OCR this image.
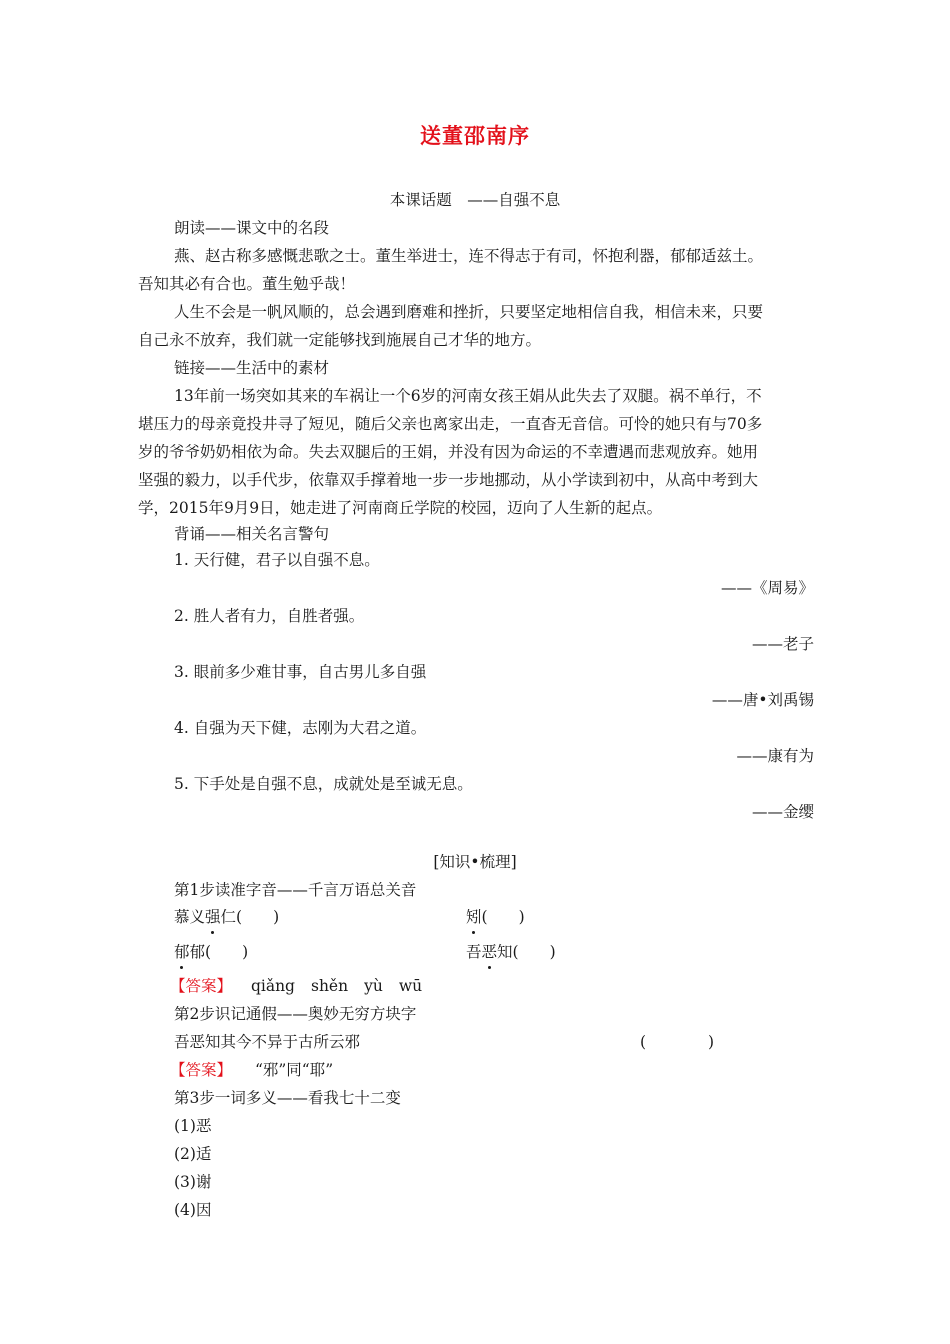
送董邵南序
本课话题　——自强不息
朗读——课文中的名段
燕、赵古称多感慨悲歌之士。董生举进士，连不得志于有司，怀抱利器，郁郁适兹土。
吾知其必有合也。董生勉乎哉！
人生不会是一帆风顺的，总会遇到磨难和挫折，只要坚定地相信自我，相信未来，只要
自己永不放弃，我们就一定能够找到施展自己才华的地方。
链接——生活中的素材
13年前一场突如其来的车祸让一个6岁的河南女孩王娟从此失去了双腿。祸不单行，不
堪压力的母亲竟投井寻了短见，随后父亲也离家出走，一直杳无音信。可怜的她只有与70多
岁的爷爷奶奶相依为命。失去双腿后的王娟，并没有因为命运的不幸遭遇而悲观放弃。她用
坚强的毅力，以手代步，依靠双手撑着地一步一步地挪动，从小学读到初中，从高中考到大
学，2015年9月9日，她走进了河南商丘学院的校园，迈向了人生新的起点。
背诵——相关名言警句
1. 天行健，君子以自强不息。
——《周易》
2. 胜人者有力，自胜者强。
——老子
3. 眼前多少难甘事，自古男儿多自强
——唐•刘禹锡
4. 自强为天下健，志刚为大君之道。
——康有为
5. 下手处是自强不息，成就处是至诚无息。
——金缨
[知识•梳理]
第1步读准字音——千言万语总关音
慕义强仁(　　)	矧(　　)
郁郁(　　)	吾恶知(　　)
【答案】 qiǎng shěn yù wū
第2步识记通假——奥妙无穷方块字
吾恶知其今不异于古所云邪	(　　　　)
【答案】 “邪”同“耶”
第3步一词多义——看我七十二变
(1)恶
(2)适
(3)谢
(4)因
